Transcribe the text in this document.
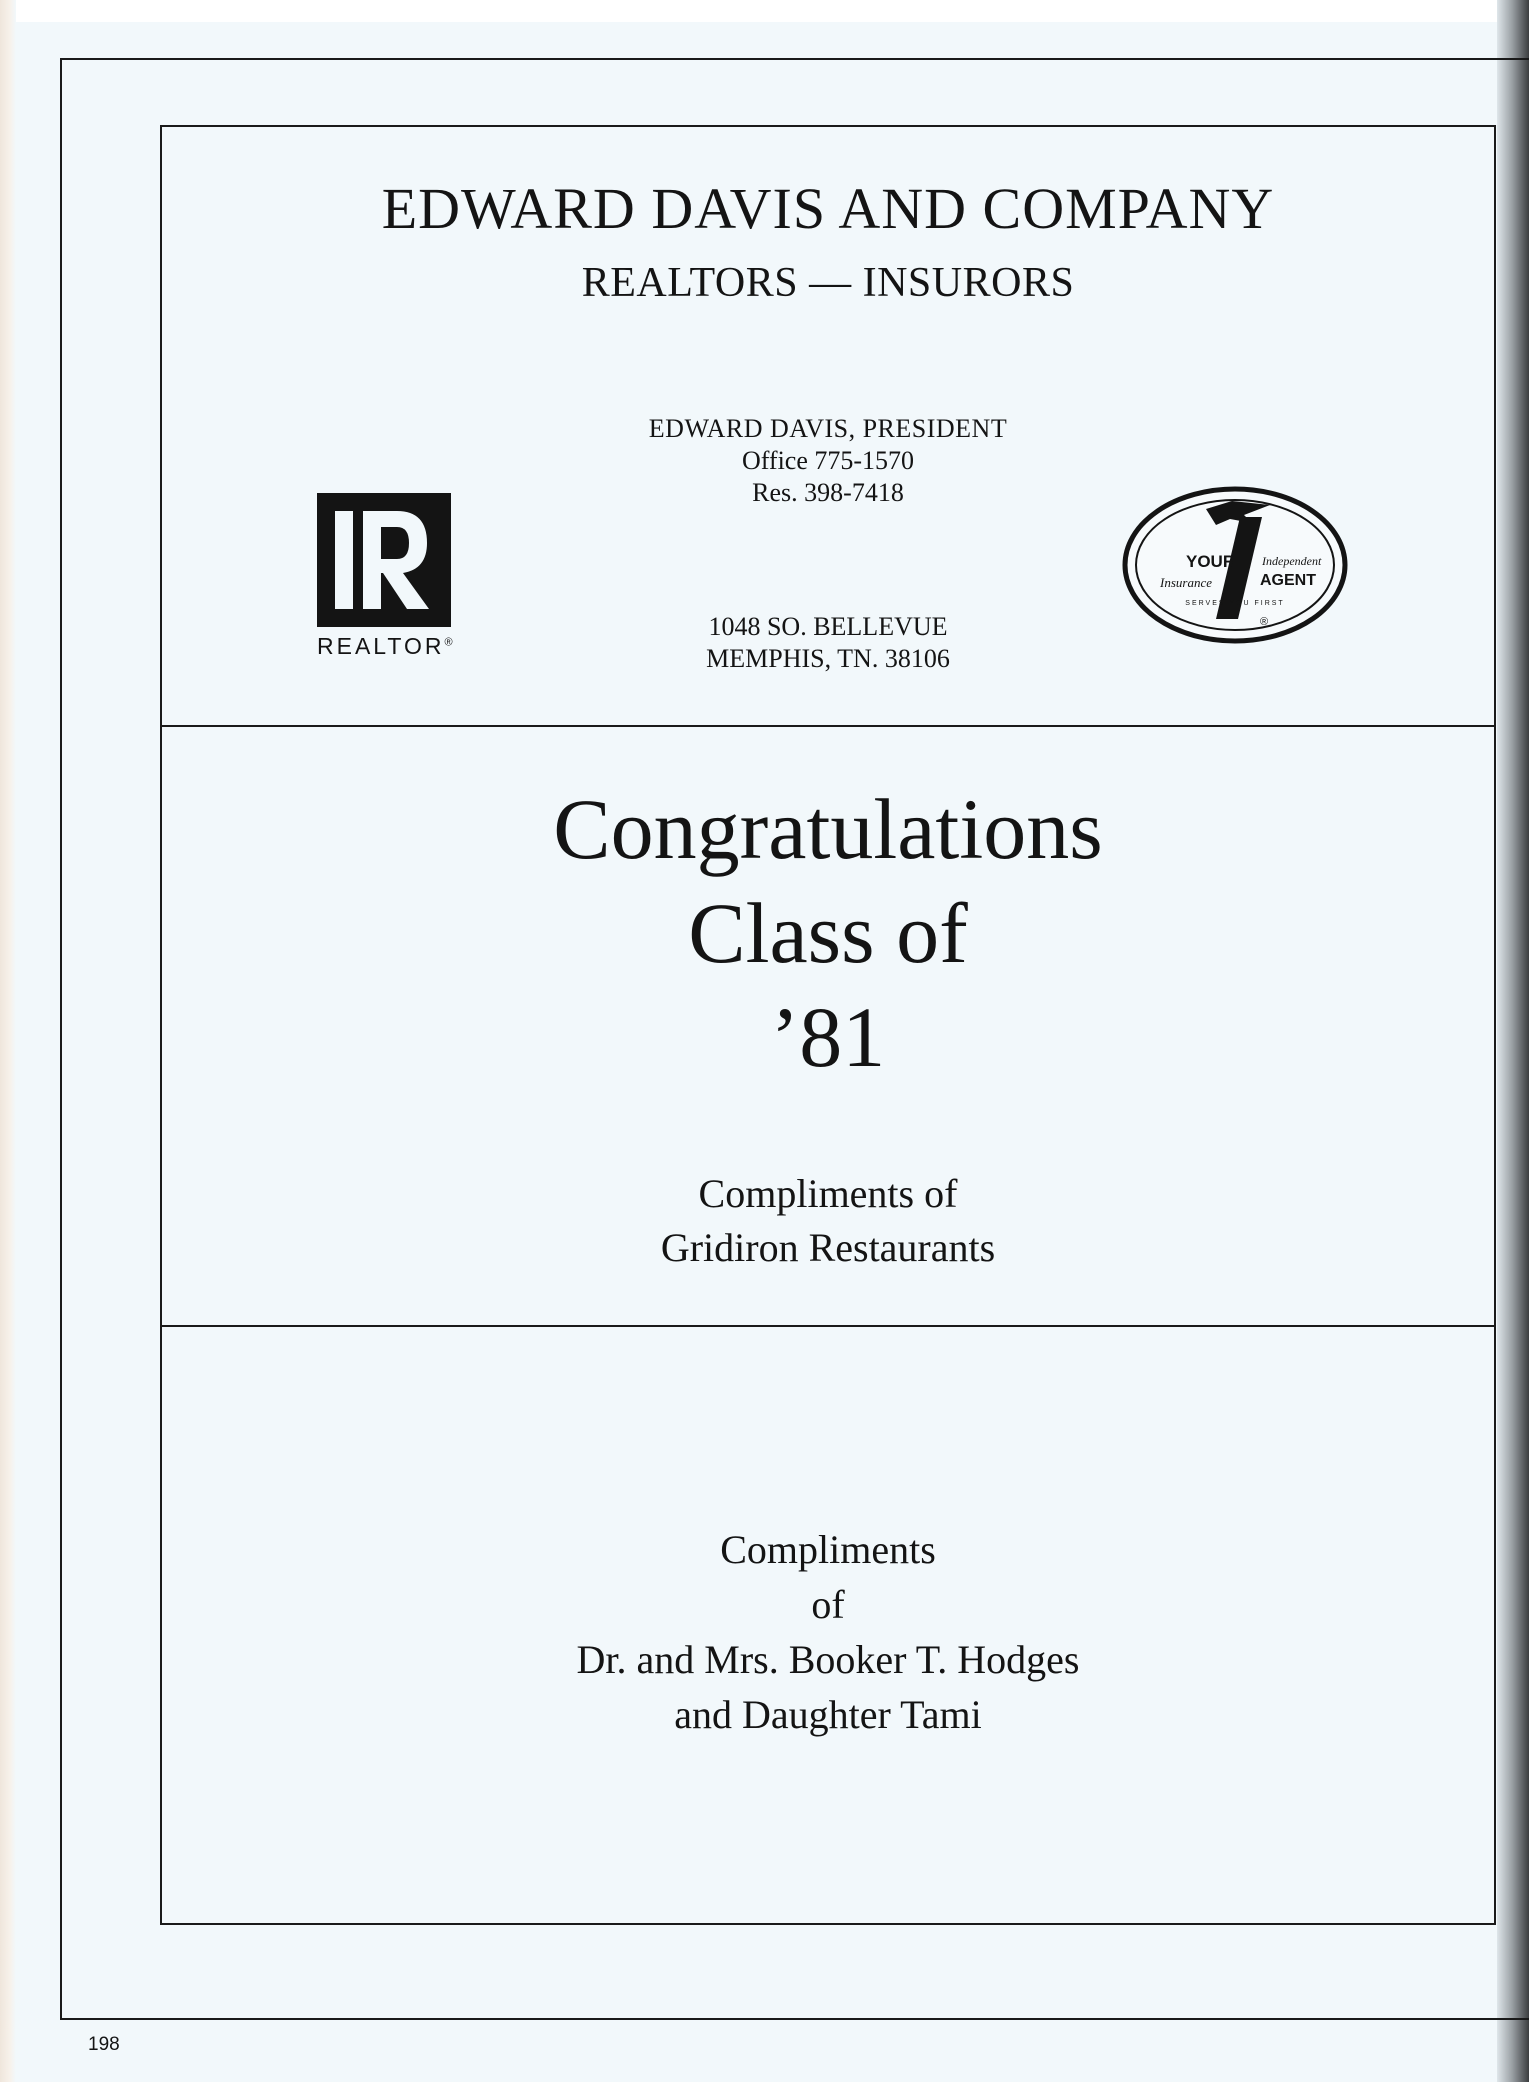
EDWARD DAVIS AND COMPANY
REALTORS — INSURORS
EDWARD DAVIS, PRESIDENT
Office 775-1570
Res. 398-7418
1048 SO. BELLEVUE
MEMPHIS, TN. 38106
REALTOR®
YOUR
Insurance
Independent
AGENT
SERVES YOU FIRST
®
Congratulations
Class of
’81
Compliments of
Gridiron Restaurants
Compliments
of
Dr. and Mrs. Booker T. Hodges
and Daughter Tami
198
